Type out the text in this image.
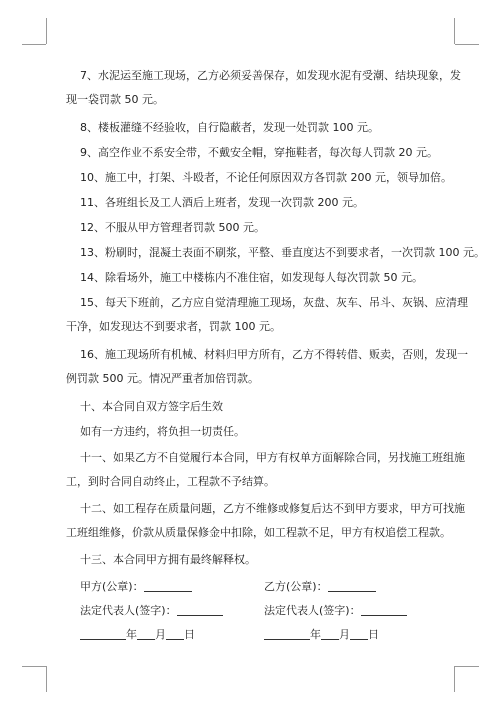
7、水泥运至施工现场，乙方必须妥善保存，如发现水泥有受潮、结块现象，发
现一袋罚款 50 元。
8、楼板灌缝不经验收，自行隐蔽者，发现一处罚款 100 元。
9、高空作业不系安全带，不戴安全帽，穿拖鞋者，每次每人罚款 20 元。
10、施工中，打架、斗殴者，不论任何原因双方各罚款 200 元，领导加倍。
11、各班组长及工人酒后上班者，发现一次罚款 200 元。
12、不服从甲方管理者罚款 500 元。
13、粉刷时，混凝土表面不刷浆，平整、垂直度达不到要求者，一次罚款 100 元。
14、除看场外，施工中楼栋内不准住宿，如发现每人每次罚款 50 元。
15、每天下班前，乙方应自觉清理施工现场，灰盘、灰车、吊斗、灰锅、应清理
干净，如发现达不到要求者，罚款 100 元。
16、施工现场所有机械、材料归甲方所有，乙方不得转借、贩卖，否则，发现一
例罚款 500 元。情况严重者加倍罚款。
十、本合同自双方签字后生效
如有一方违约，将负担一切责任。
十一、如果乙方不自觉履行本合同，甲方有权单方面解除合同，另找施工班组施
工，到时合同自动终止，工程款不予结算。
十二、如工程存在质量问题，乙方不维修或修复后达不到甲方要求，甲方可找施
工班组维修，价款从质量保修金中扣除，如工程款不足，甲方有权追偿工程款。
十三、本合同甲方拥有最终解释权。
甲方(公章)：	乙方(公章)：
法定代表人(签字)：	法定代表人(签字)：
年 月 日	年 月 日
